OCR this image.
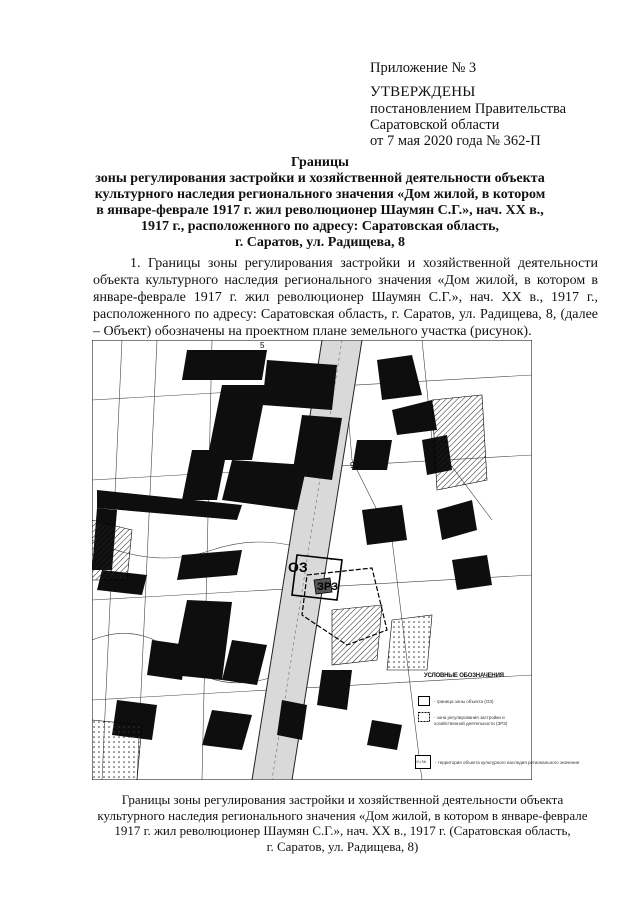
Приложение № 3
УТВЕРЖДЕНЫ
постановлением Правительства
Саратовской области
от 7 мая 2020 года № 362-П
Границы
зоны регулирования застройки и хозяйственной деятельности объекта
культурного наследия регионального значения «Дом жилой, в котором
в январе-феврале 1917 г. жил революционер Шаумян С.Г.», нач. XX в.,
1917 г., расположенного по адресу: Саратовская область,
г. Саратов, ул. Радищева, 8
1. Границы зоны регулирования застройки и хозяйственной деятельности объекта культурного наследия регионального значения «Дом жилой, в котором в январе-феврале 1917 г. жил революционер Шаумян С.Г.», нач. XX в., 1917 г., расположенного по адресу: Саратовская область, г. Саратов, ул. Радищева, 8, (далее – Объект) обозначены на проектном плане земельного участка (рисунок).
ОЗ
ЗРЗ
5
92
УСЛОВНЫЕ ОБОЗНАЧЕНИЯ
- граница зоны объекта (ОЗ)
- зона регулирования застройки и хозяйственной деятельности (ЗРЗ)
Уч.№ - территория объекта культурного наследия регионального значения
Границы зоны регулирования застройки и хозяйственной деятельности объекта
культурного наследия регионального значения «Дом жилой, в котором в январе-феврале
1917 г. жил революционер Шаумян С.Г.», нач. XX в., 1917 г. (Саратовская область,
г. Саратов, ул. Радищева, 8)
